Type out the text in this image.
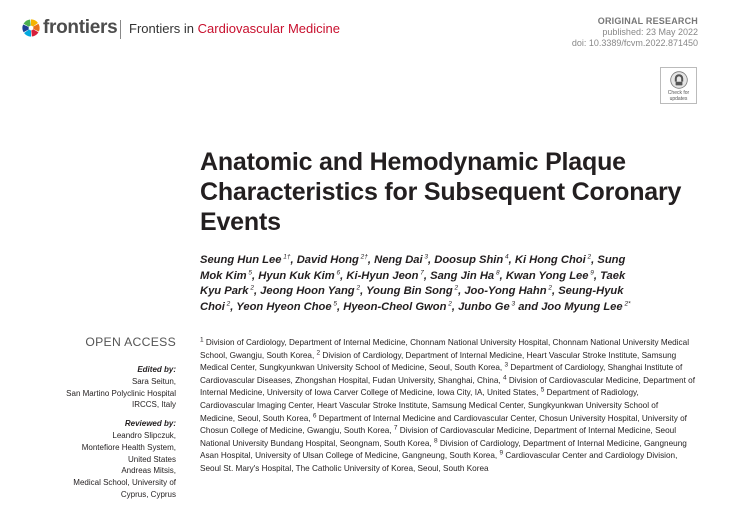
frontiers Frontiers in Cardiovascular Medicine	ORIGINAL RESEARCH
published: 23 May 2022
doi: 10.3389/fcvm.2022.871450
Check for
updates
Anatomic and Hemodynamic Plaque Characteristics for Subsequent Coronary Events
Seung Hun Lee $^{1\dagger}$, David Hong $^{2\dagger}$, Neng Dai $^3$, Doosup Shin $^4$, Ki Hong Choi $^2$, Sung Mok Kim $^5$, Hyun Kuk Kim $^6$, Ki-Hyun Jeon $^7$, Sang Jin Ha $^8$, Kwan Yong Lee $^9$, Taek Kyu Park $^2$, Jeong Hoon Yang $^2$, Young Bin Song $^2$, Joo-Yong Hahn $^2$, Seung-Hyuk Choi $^2$, Yeon Hyeon Choe $^5$, Hyeon-Cheol Gwon $^2$, Junbo Ge $^3$ and Joo Myung Lee $^{2*}$
$^1$ Division of Cardiology, Department of Internal Medicine, Chonnam National University Hospital, Chonnam National University Medical School, Gwangju, South Korea, $^2$ Division of Cardiology, Department of Internal Medicine, Heart Vascular Stroke Institute, Samsung Medical Center, Sungkyunkwan University School of Medicine, Seoul, South Korea, $^3$ Department of Cardiology, Shanghai Institute of Cardiovascular Diseases, Zhongshan Hospital, Fudan University, Shanghai, China, $^4$ Division of Cardiovascular Medicine, Department of Internal Medicine, University of Iowa Carver College of Medicine, Iowa City, IA, United States, $^5$ Department of Radiology, Cardiovascular Imaging Center, Heart Vascular Stroke Institute, Samsung Medical Center, Sungkyunkwan University School of Medicine, Seoul, South Korea, $^6$ Department of Internal Medicine and Cardiovascular Center, Chosun University Hospital, University of Chosun College of Medicine, Gwangju, South Korea, $^7$ Division of Cardiovascular Medicine, Department of Internal Medicine, Seoul National University Bundang Hospital, Seongnam, South Korea, $^8$ Division of Cardiology, Department of Internal Medicine, Gangneung Asan Hospital, University of Ulsan College of Medicine, Gangneung, South Korea, $^9$ Cardiovascular Center and Cardiology Division, Seoul St. Mary's Hospital, The Catholic University of Korea, Seoul, South Korea
OPEN ACCESS
Edited by:
Sara Seitun,
San Martino Polyclinic Hospital
IRCCS, Italy
Reviewed by:
Leandro Slipczuk,
Montefiore Health System,
United States
Andreas Mitsis,
Medical School, University of
Cyprus, Cyprus
